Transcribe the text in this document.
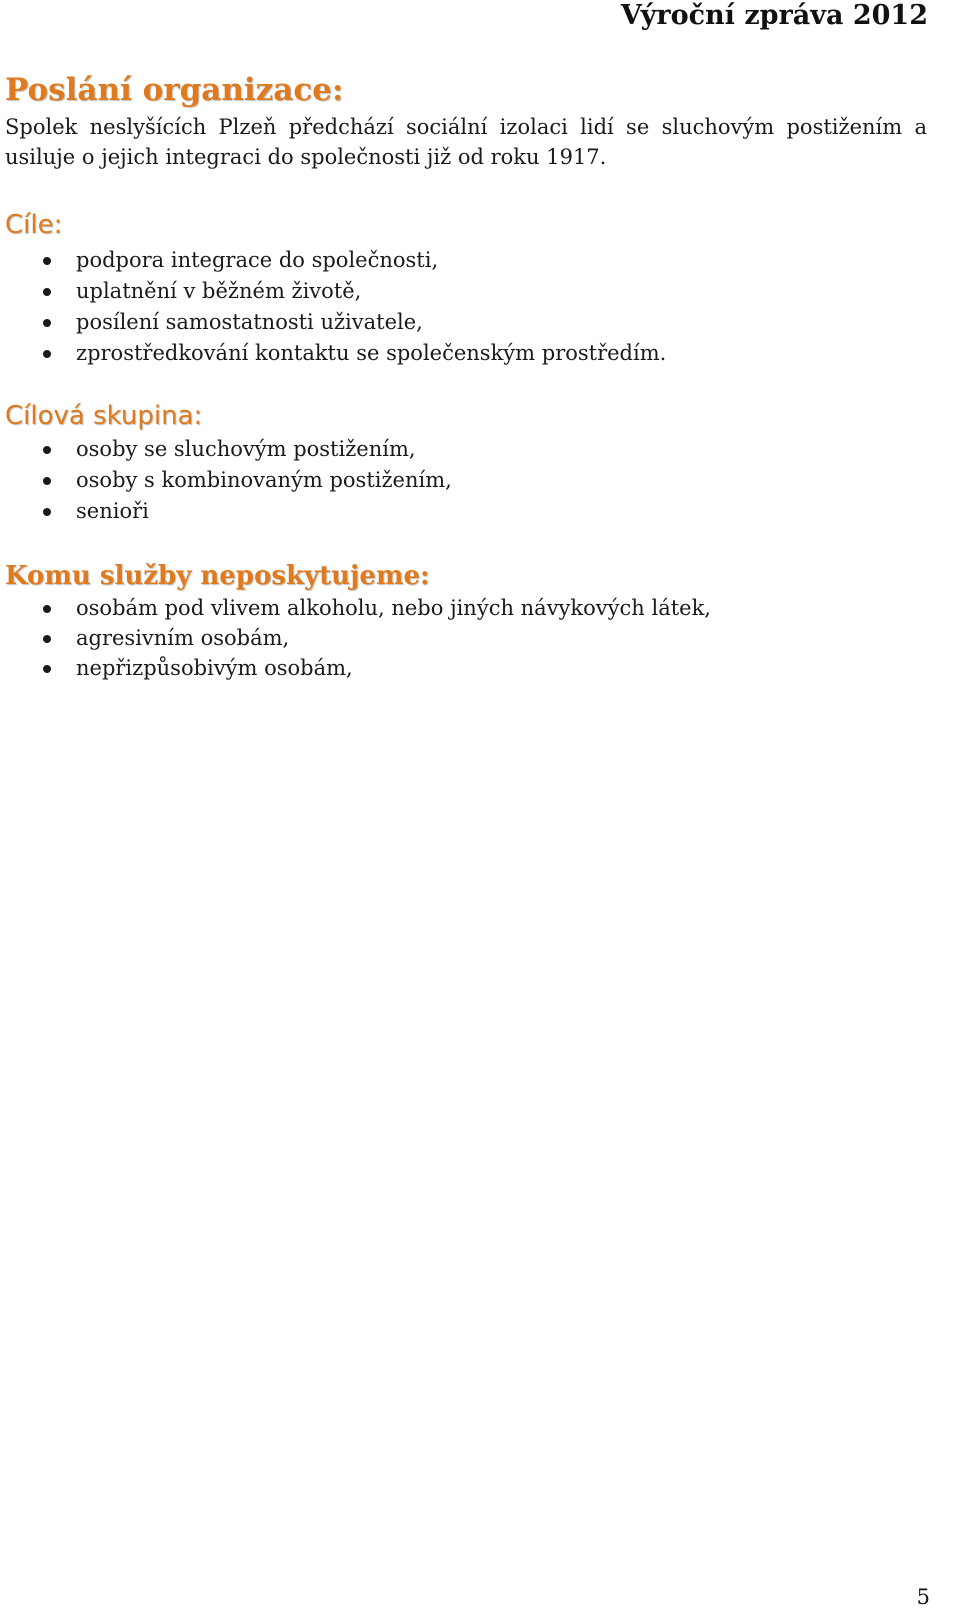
Výroční zpráva 2012
Poslání organizace:

Spolek neslyšících Plzeň předchází sociální izolaci lidí se sluchovým postižením a usiluje o jejich integraci do společnosti již od roku 1917.

Cíle:
podpora integrace do společnosti,
uplatnění v běžném životě,
posílení samostatnosti uživatele,
zprostředkování kontaktu se společenským prostředím.
Cílová skupina:
osoby se sluchovým postižením,
osoby s kombinovaným postižením,
senioři
Komu služby neposkytujeme:
osobám pod vlivem alkoholu, nebo jiných návykových látek,
agresivním osobám,
nepřizpůsobivým osobám,
5
